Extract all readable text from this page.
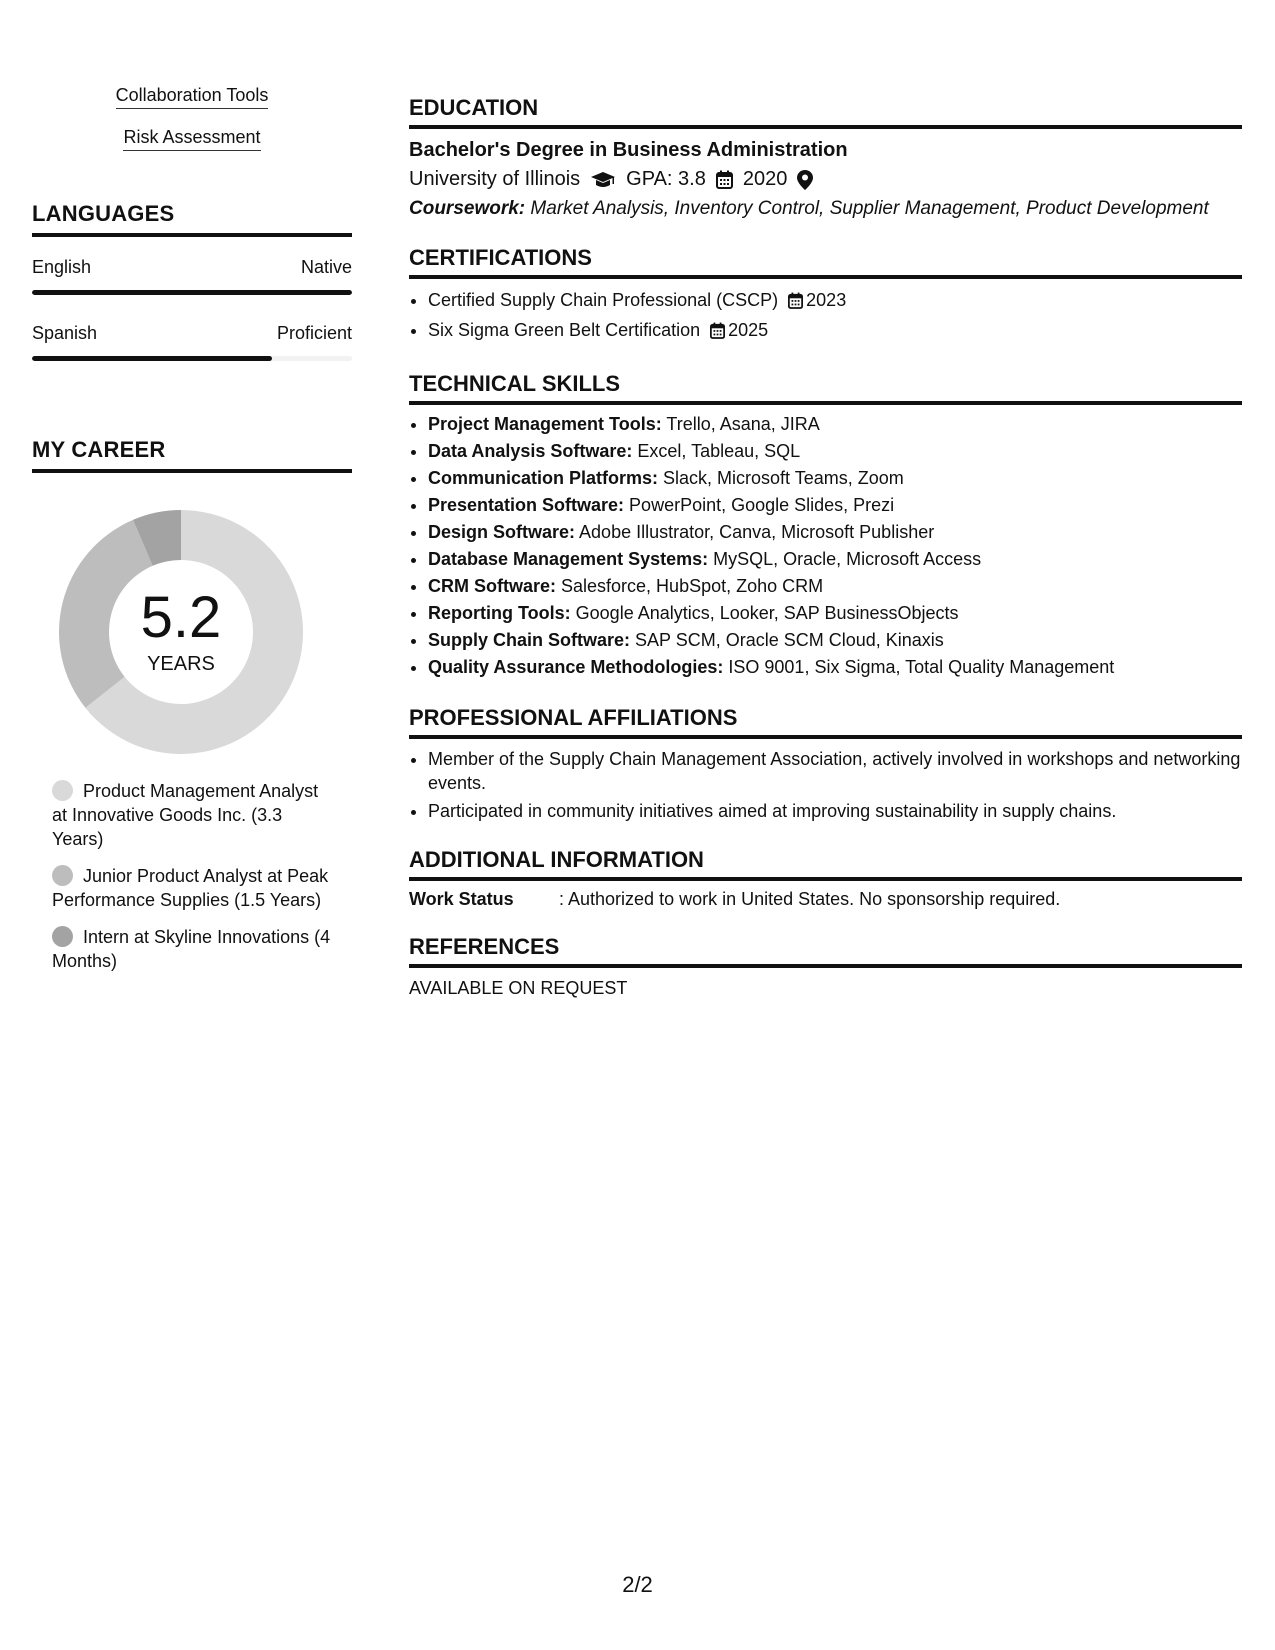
Collaboration Tools
Risk Assessment
LANGUAGES
English	Native
Spanish	Proficient
MY CAREER
5.2
YEARS
Product Management Analyst at Innovative Goods Inc. (3.3 Years)
Junior Product Analyst at Peak Performance Supplies (1.5 Years)
Intern at Skyline Innovations (4 Months)
EDUCATION
Bachelor's Degree in Business Administration
University of Illinois GPA: 3.8 2020
Coursework: Market Analysis, Inventory Control, Supplier Management, Product Development
CERTIFICATIONS
• Certified Supply Chain Professional (CSCP) 2023
• Six Sigma Green Belt Certification 2025
TECHNICAL SKILLS
• Project Management Tools: Trello, Asana, JIRA
• Data Analysis Software: Excel, Tableau, SQL
• Communication Platforms: Slack, Microsoft Teams, Zoom
• Presentation Software: PowerPoint, Google Slides, Prezi
• Design Software: Adobe Illustrator, Canva, Microsoft Publisher
• Database Management Systems: MySQL, Oracle, Microsoft Access
• CRM Software: Salesforce, HubSpot, Zoho CRM
• Reporting Tools: Google Analytics, Looker, SAP BusinessObjects
• Supply Chain Software: SAP SCM, Oracle SCM Cloud, Kinaxis
• Quality Assurance Methodologies: ISO 9001, Six Sigma, Total Quality Management
PROFESSIONAL AFFILIATIONS
• Member of the Supply Chain Management Association, actively involved in workshops and networking events.
• Participated in community initiatives aimed at improving sustainability in supply chains.
ADDITIONAL INFORMATION
Work Status	: Authorized to work in United States. No sponsorship required.
REFERENCES
AVAILABLE ON REQUEST
2/2
